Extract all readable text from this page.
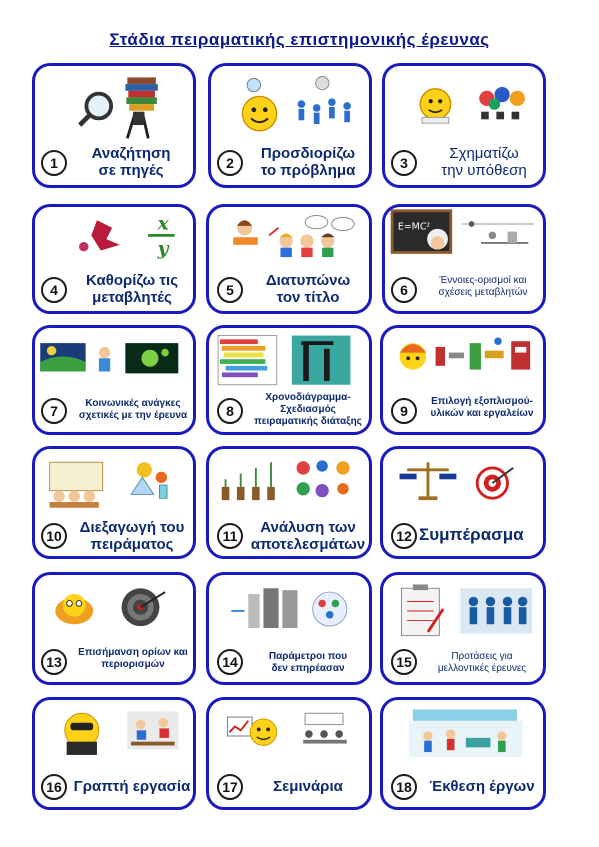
Στάδια πειραματικής επιστημονικής έρευνας
1
Αναζήτηση
σε πηγές	2
Προσδιορίζω
το πρόβλημα	3
Σχηματίζω
την υπόθεση
x
y
4
Καθορίζω τις
μεταβλητές	5
Διατυπώνω
τον τίτλο
E=MC²
6
Έννοιες-ορισμοί και
σχέσεις μεταβλητών
7	Κοινωνικές ανάγκες
σχετικές με την έρευνα	8
Χρονοδιάγραμμα-
Σχεδιασμός
πειραματικής διάταξης
9
Επιλογή εξοπλισμού-
υλικών και εργαλείων
10	Διεξαγωγή του
πειράματος	11	Ανάλυση των
αποτελεσμάτων	12 Συμπέρασμα
13
Επισήμανση ορίων και
περιορισμών	14	Παράμετροι που
δεν επηρέασαν	15	Προτάσεις για
μελλοντικές έρευνες
16 Γραπτή εργασία	17	Σεμινάρια	18	Έκθεση έργων
